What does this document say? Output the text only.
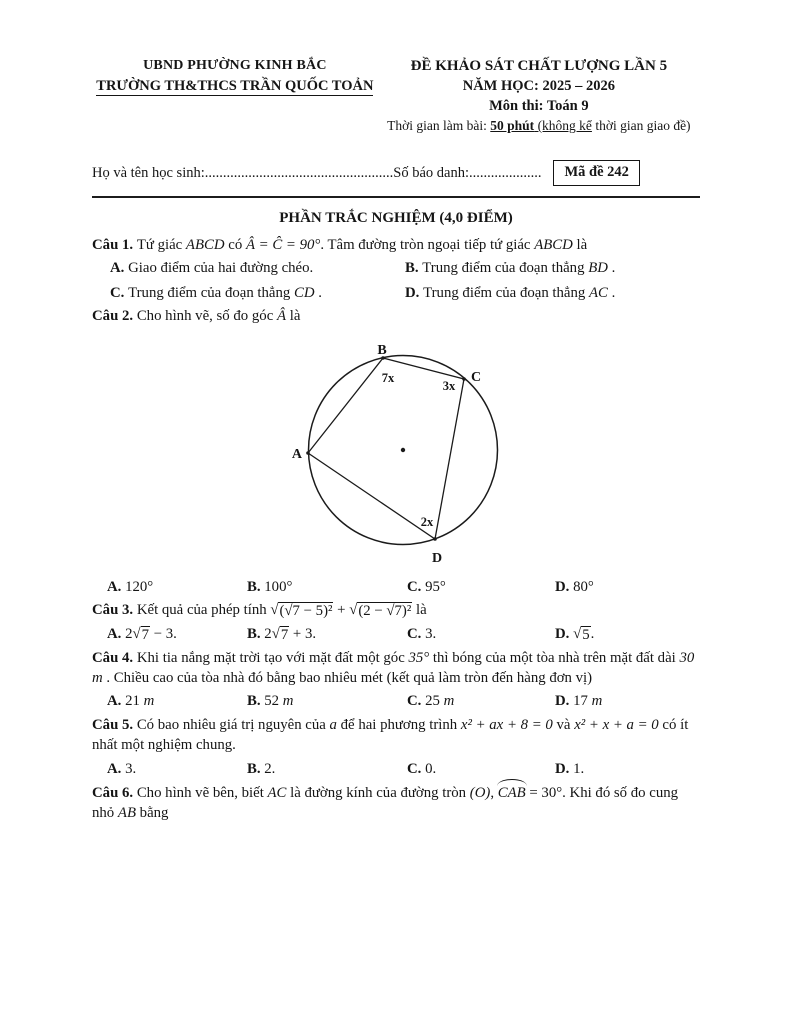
UBND PHƯỜNG KINH BẮC
TRƯỜNG TH&THCS TRẦN QUỐC TOẢN
ĐỀ KHẢO SÁT CHẤT LƯỢNG LẦN 5
NĂM HỌC: 2025 – 2026
Môn thi: Toán 9
Thời gian làm bài: 50 phút (không kể thời gian giao đề)
Họ và tên học sinh: .................................................... Số báo danh: ....................	Mã đề 242
PHẦN TRẮC NGHIỆM (4,0 ĐIỂM)
Câu 1. Tứ giác ABCD có Â = Ĉ = 90°. Tâm đường tròn ngoại tiếp tứ giác ABCD là
A. Giao điểm của hai đường chéo.	B. Trung điểm của đoạn thẳng BD .
C. Trung điểm của đoạn thẳng CD .	D. Trung điểm của đoạn thẳng AC .
Câu 2. Cho hình vẽ, số đo góc Â là
B
C
A
D
7x
3x
2x
A. 120°	B. 100°	C. 95°	D. 80°
Câu 3. Kết quả của phép tính √ (√7 − 5)² + √ (2 − √7)² là
A. 2 √ 7 − 3.	B. 2 √ 7 + 3.	C. 3.	D. √ 5 .
Câu 4. Khi tia nắng mặt trời tạo với mặt đất một góc 35° thì bóng của một tòa nhà trên mặt đất dài 30 m . Chiều cao của tòa nhà đó bằng bao nhiêu mét (kết quả làm tròn đến hàng đơn vị)
A. 21 m	B. 52 m	C. 25 m	D. 17 m
Câu 5. Có bao nhiêu giá trị nguyên của a để hai phương trình x² + ax + 8 = 0 và x² + x + a = 0 có ít nhất một nghiệm chung.
A. 3.	B. 2.	C. 0.	D. 1.
Câu 6. Cho hình vẽ bên, biết AC là đường kính của đường tròn (O), CAB = 30°. Khi đó số đo cung nhỏ AB bằng
